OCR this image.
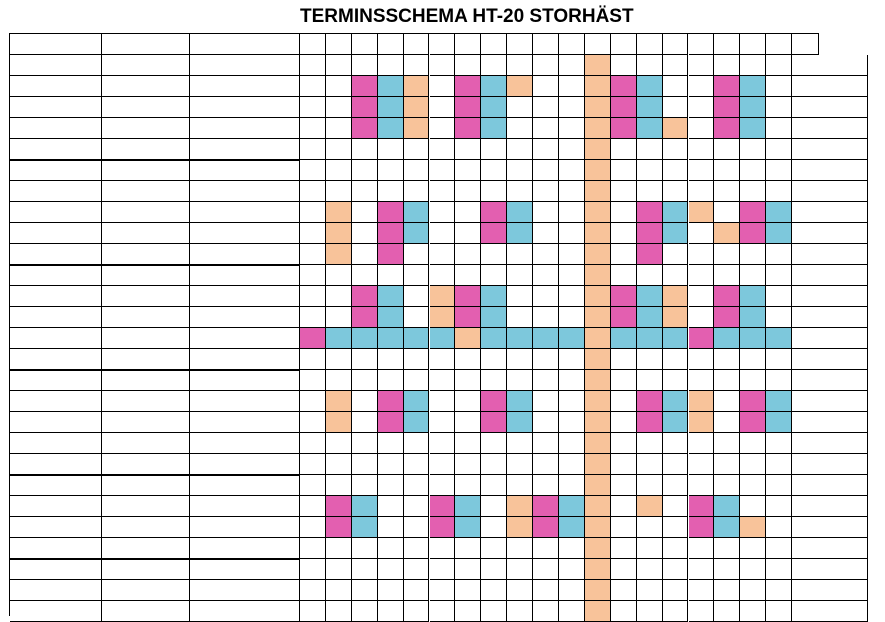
TERMINSSCHEMA HT-20 STORHÄST
